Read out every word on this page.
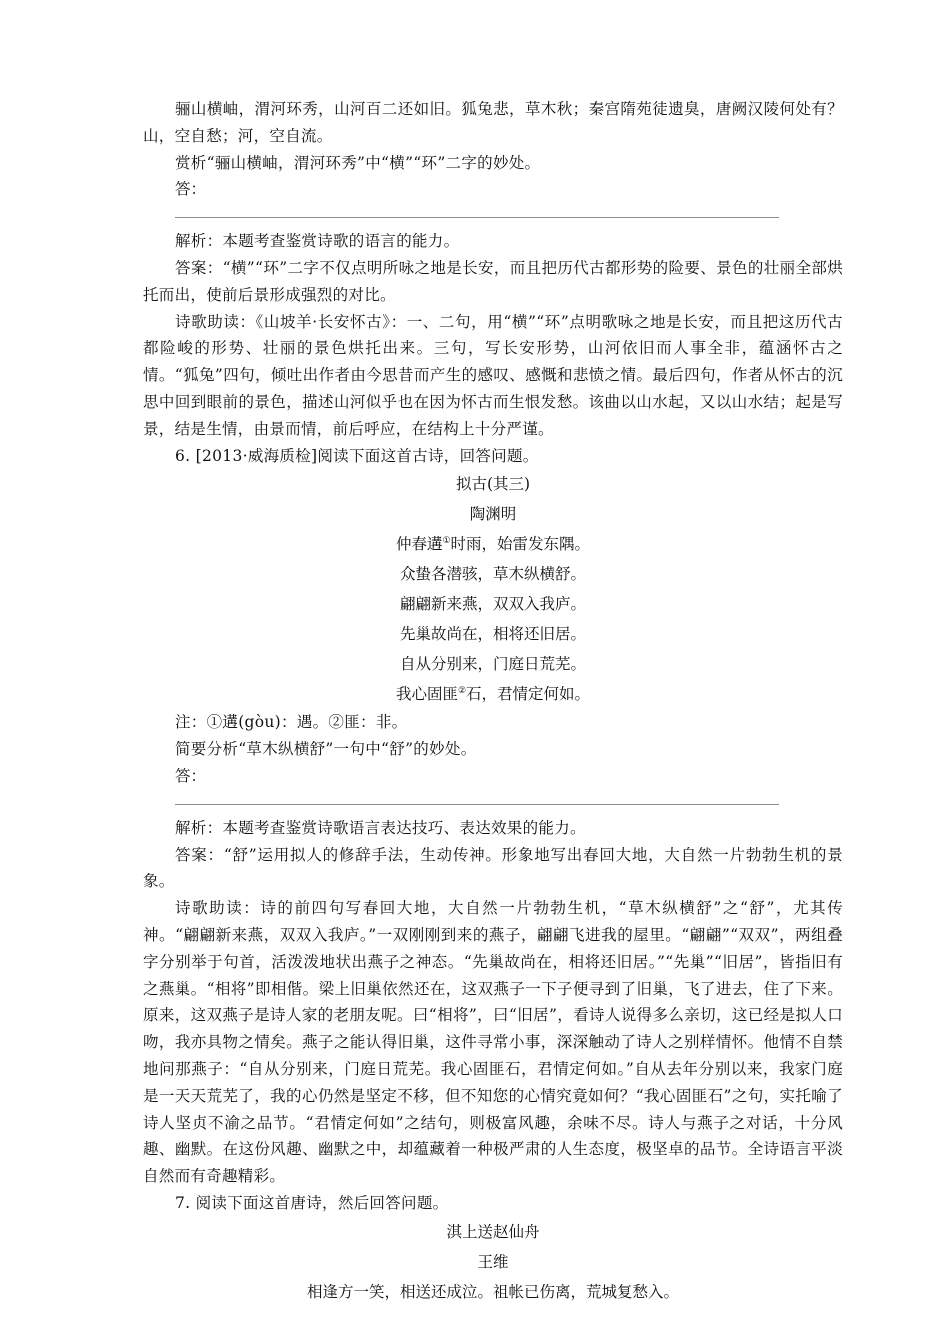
骊山横岫，渭河环秀，山河百二还如旧。狐兔悲，草木秋；秦宫隋苑徒遗臭，唐阙汉陵何处有？山，空自愁；河，空自流。

赏析“骊山横岫，渭河环秀”中“横”“环”二字的妙处。

答：

解析：本题考查鉴赏诗歌的语言的能力。

答案：“横”“环”二字不仅点明所咏之地是长安，而且把历代古都形势的险要、景色的壮丽全部烘托而出，使前后景形成强烈的对比。

诗歌助读：《山坡羊·长安怀古》：一、二句，用“横”“环”点明歌咏之地是长安，而且把这历代古都险峻的形势、壮丽的景色烘托出来。三句，写长安形势，山河依旧而人事全非，蕴涵怀古之情。“狐兔”四句，倾吐出作者由今思昔而产生的感叹、感慨和悲愤之情。最后四句，作者从怀古的沉思中回到眼前的景色，描述山河似乎也在因为怀古而生恨发愁。该曲以山水起，又以山水结；起是写景，结是生情，由景而情，前后呼应，在结构上十分严谨。

6. [2013·威海质检]阅读下面这首古诗，回答问题。

拟古(其三)

陶渊明

仲春遘①时雨，始雷发东隅。

众蛰各潜骇，草木纵横舒。

翩翩新来燕，双双入我庐。

先巢故尚在，相将还旧居。

自从分别来，门庭日荒芜。

我心固匪②石，君情定何如。

注：①遘(gòu)：遇。②匪：非。

简要分析“草木纵横舒”一句中“舒”的妙处。

答：

解析：本题考查鉴赏诗歌语言表达技巧、表达效果的能力。

答案：“舒”运用拟人的修辞手法，生动传神。形象地写出春回大地，大自然一片勃勃生机的景象。

诗歌助读：诗的前四句写春回大地，大自然一片勃勃生机，“草木纵横舒”之“舒”，尤其传神。“翩翩新来燕，双双入我庐。”一双刚刚到来的燕子，翩翩飞进我的屋里。“翩翩”“双双”，两组叠字分别举于句首，活泼泼地状出燕子之神态。“先巢故尚在，相将还旧居。”“先巢”“旧居”，皆指旧有之燕巢。“相将”即相偕。梁上旧巢依然还在，这双燕子一下子便寻到了旧巢，飞了进去，住了下来。原来，这双燕子是诗人家的老朋友呢。曰“相将”，曰“旧居”，看诗人说得多么亲切，这已经是拟人口吻，我亦具物之情矣。燕子之能认得旧巢，这件寻常小事，深深触动了诗人之别样情怀。他情不自禁地问那燕子：“自从分别来，门庭日荒芜。我心固匪石，君情定何如。”自从去年分别以来，我家门庭是一天天荒芜了，我的心仍然是坚定不移，但不知您的心情究竟如何？“我心固匪石”之句，实托喻了诗人坚贞不渝之品节。“君情定何如”之结句，则极富风趣，余味不尽。诗人与燕子之对话，十分风趣、幽默。在这份风趣、幽默之中，却蕴藏着一种极严肃的人生态度，极坚卓的品节。全诗语言平淡自然而有奇趣精彩。

7. 阅读下面这首唐诗，然后回答问题。

淇上送赵仙舟

王维

相逢方一笑，相送还成泣。祖帐已伤离，荒城复愁入。
